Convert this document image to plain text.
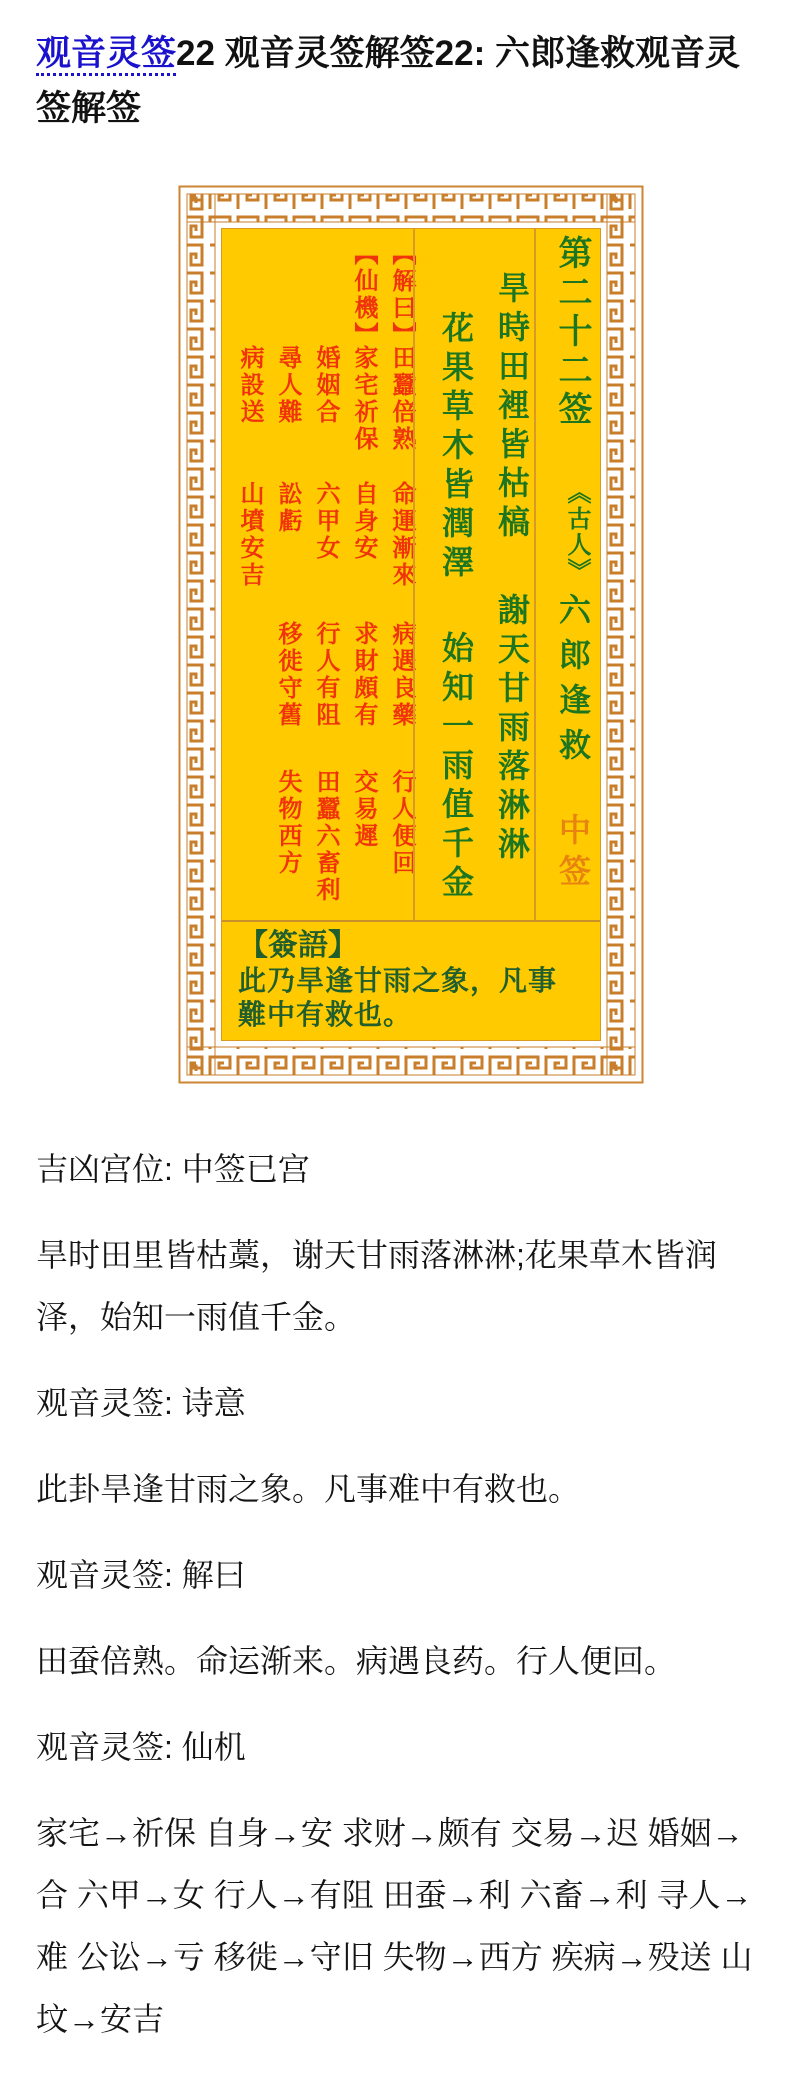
观音灵签22 观音灵签解签22: 六郎逢救观音灵签解签
【解曰】田蠶倍熟命運漸來病遇良藥行人便回
【仙機】家宅祈保自身安求財頗有交易遲
婚姻合六甲女行人有阻田蠶六畜利
尋人難訟虧移徙守舊失物西方
病設送山墳安吉	旱時田裡皆枯槁謝天甘雨落淋淋
花果草木皆潤澤始知一雨值千金
第二十二签《古人》六郎逢救中签
【簽語】
此乃旱逢甘雨之象，凡事難中有救也。

吉凶宫位: 中签已宫

旱时田里皆枯藁，谢天甘雨落淋淋;花果草木皆润泽，始知一雨值千金。

观音灵签: 诗意

此卦旱逢甘雨之象。凡事难中有救也。

观音灵签: 解曰

田蚕倍熟。命运渐来。病遇良药。行人便回。

观音灵签: 仙机

家宅→祈保 自身→安 求财→颇有 交易→迟 婚姻→合 六甲→女 行人→有阻 田蚕→利 六畜→利 寻人→难 公讼→亏 移徙→守旧 失物→西方 疾病→殁送 山坟→安吉
